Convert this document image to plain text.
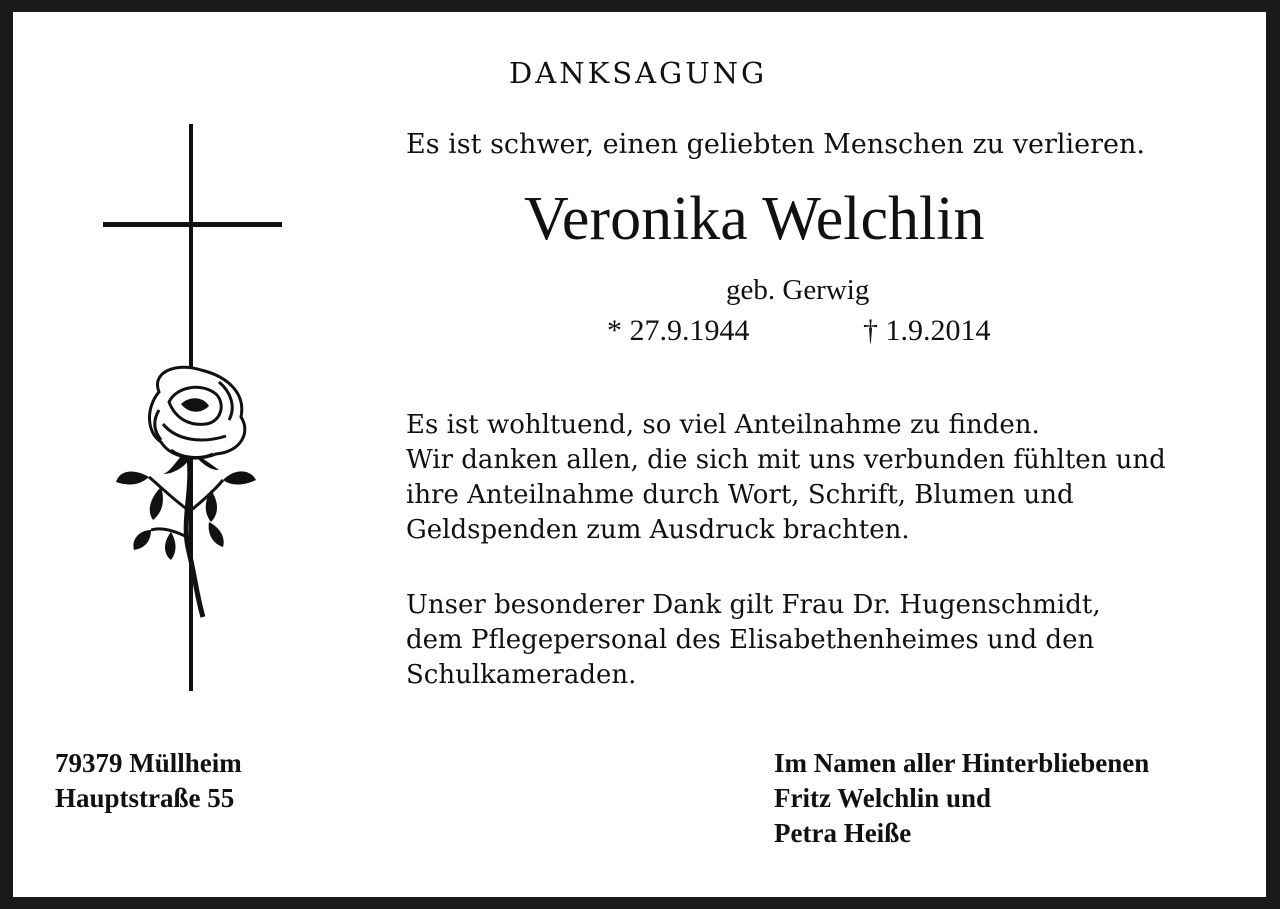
DANKSAGUNG
Es ist schwer, einen geliebten Menschen zu verlieren.
Veronika Welchlin
geb. Gerwig
* 27.9.1944	† 1.9.2014
Es ist wohltuend, so viel Anteilnahme zu finden.
Wir danken allen, die sich mit uns verbunden fühlten und
ihre Anteilnahme durch Wort, Schrift, Blumen und
Geldspenden zum Ausdruck brachten.
Unser besonderer Dank gilt Frau Dr. Hugenschmidt,
dem Pflegepersonal des Elisabethenheimes und den
Schulkameraden.
79379 Müllheim
Hauptstraße 55
Im Namen aller Hinterbliebenen
Fritz Welchlin und
Petra Heiße
